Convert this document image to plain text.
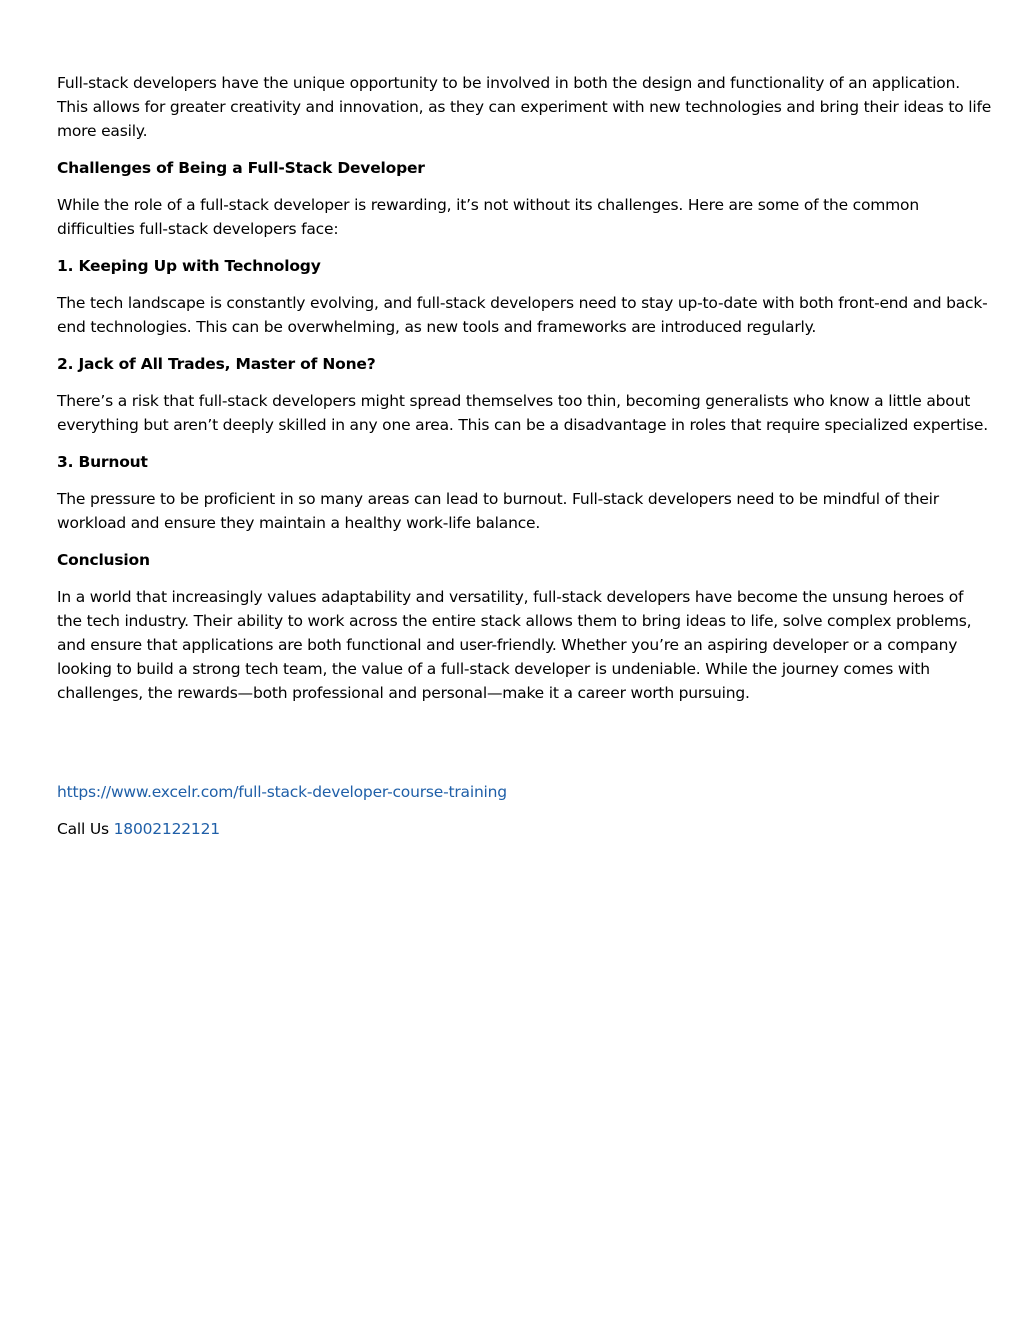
Full-stack developers have the unique opportunity to be involved in both the design and functionality of an application. This allows for greater creativity and innovation, as they can experiment with new technologies and bring their ideas to life more easily.

Challenges of Being a Full-Stack Developer

While the role of a full-stack developer is rewarding, it’s not without its challenges. Here are some of the common difficulties full-stack developers face:

1. Keeping Up with Technology

The tech landscape is constantly evolving, and full-stack developers need to stay up-to-date with both front-end and back-end technologies. This can be overwhelming, as new tools and frameworks are introduced regularly.

2. Jack of All Trades, Master of None?

There’s a risk that full-stack developers might spread themselves too thin, becoming generalists who know a little about everything but aren’t deeply skilled in any one area. This can be a disadvantage in roles that require specialized expertise.

3. Burnout

The pressure to be proficient in so many areas can lead to burnout. Full-stack developers need to be mindful of their workload and ensure they maintain a healthy work-life balance.

Conclusion

In a world that increasingly values adaptability and versatility, full-stack developers have become the unsung heroes of the tech industry. Their ability to work across the entire stack allows them to bring ideas to life, solve complex problems, and ensure that applications are both functional and user-friendly. Whether you’re an aspiring developer or a company looking to build a strong tech team, the value of a full-stack developer is undeniable. While the journey comes with challenges, the rewards—both professional and personal—make it a career worth pursuing.

https://www.excelr.com/full-stack-developer-course-training

Call Us 18002122121
